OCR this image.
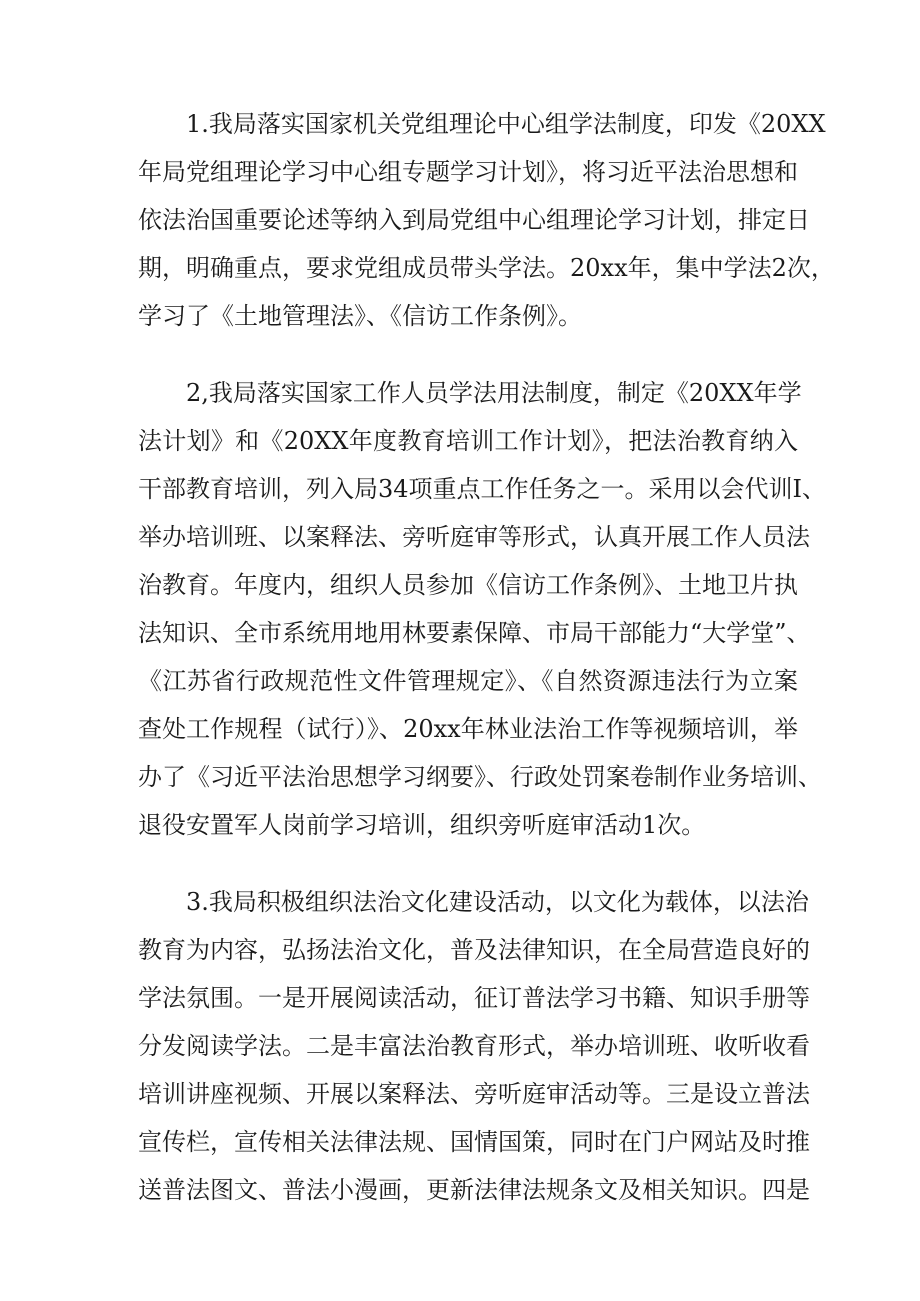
1.我局落实国家机关党组理论中心组学法制度，印发《20XX
年局党组理论学习中心组专题学习计划》，将习近平法治思想和
依法治国重要论述等纳入到局党组中心组理论学习计划，排定日
期，明确重点，要求党组成员带头学法。20xx年，集中学法2次，
学习了《土地管理法》、《信访工作条例》。
2,我局落实国家工作人员学法用法制度，制定《20XX年学
法计划》和《20XX年度教育培训工作计划》，把法治教育纳入
干部教育培训，列入局34项重点工作任务之一。采用以会代训I、
举办培训班、以案释法、旁听庭审等形式，认真开展工作人员法
治教育。年度内，组织人员参加《信访工作条例》、土地卫片执
法知识、全市系统用地用林要素保障、市局干部能力“大学堂”、
《江苏省行政规范性文件管理规定》、《自然资源违法行为立案
查处工作规程（试行）》、20xx年林业法治工作等视频培训，举
办了《习近平法治思想学习纲要》、行政处罚案卷制作业务培训、
退役安置军人岗前学习培训，组织旁听庭审活动1次。
3.我局积极组织法治文化建设活动，以文化为载体，以法治
教育为内容，弘扬法治文化，普及法律知识，在全局营造良好的
学法氛围。一是开展阅读活动，征订普法学习书籍、知识手册等
分发阅读学法。二是丰富法治教育形式，举办培训班、收听收看
培训讲座视频、开展以案释法、旁听庭审活动等。三是设立普法
宣传栏，宣传相关法律法规、国情国策，同时在门户网站及时推
送普法图文、普法小漫画，更新法律法规条文及相关知识。四是
